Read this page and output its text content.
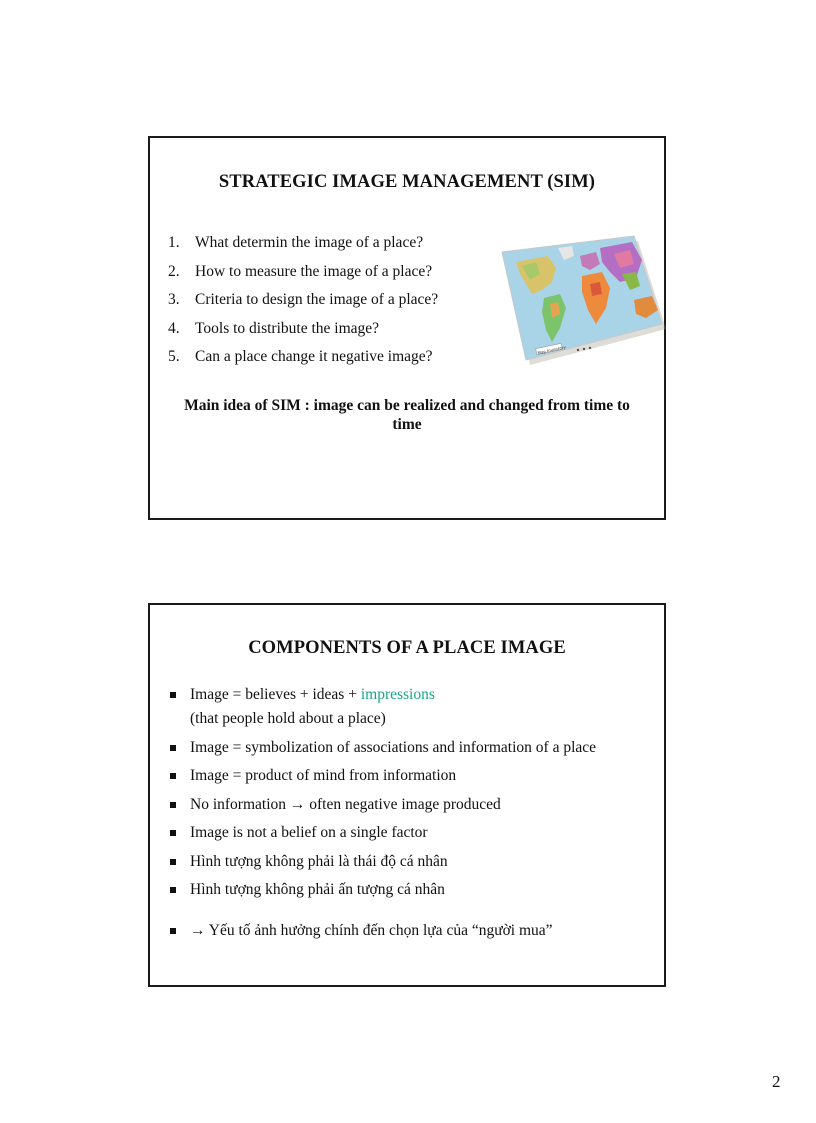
STRATEGIC IMAGE MANAGEMENT (SIM)
1. What determin the image of a place?
2. How to measure the image of a place?
3. Criteria to design the image of a place?
4. Tools to distribute the image?
5. Can a place change it negative image?	Map Inventory
Main idea of SIM : image can be realized and changed from time to
time
COMPONENTS OF A PLACE IMAGE
Image = believes + ideas + impressions
(that people hold about a place)
Image = symbolization of associations and information of a place
Image = product of mind from information
No information → often negative image produced
Image is not a belief on a single factor
Hình tượng không phải là thái độ cá nhân
Hình tượng không phải ấn tượng cá nhân
→ Yếu tố ảnh hưởng chính đến chọn lựa của “người mua”
2
